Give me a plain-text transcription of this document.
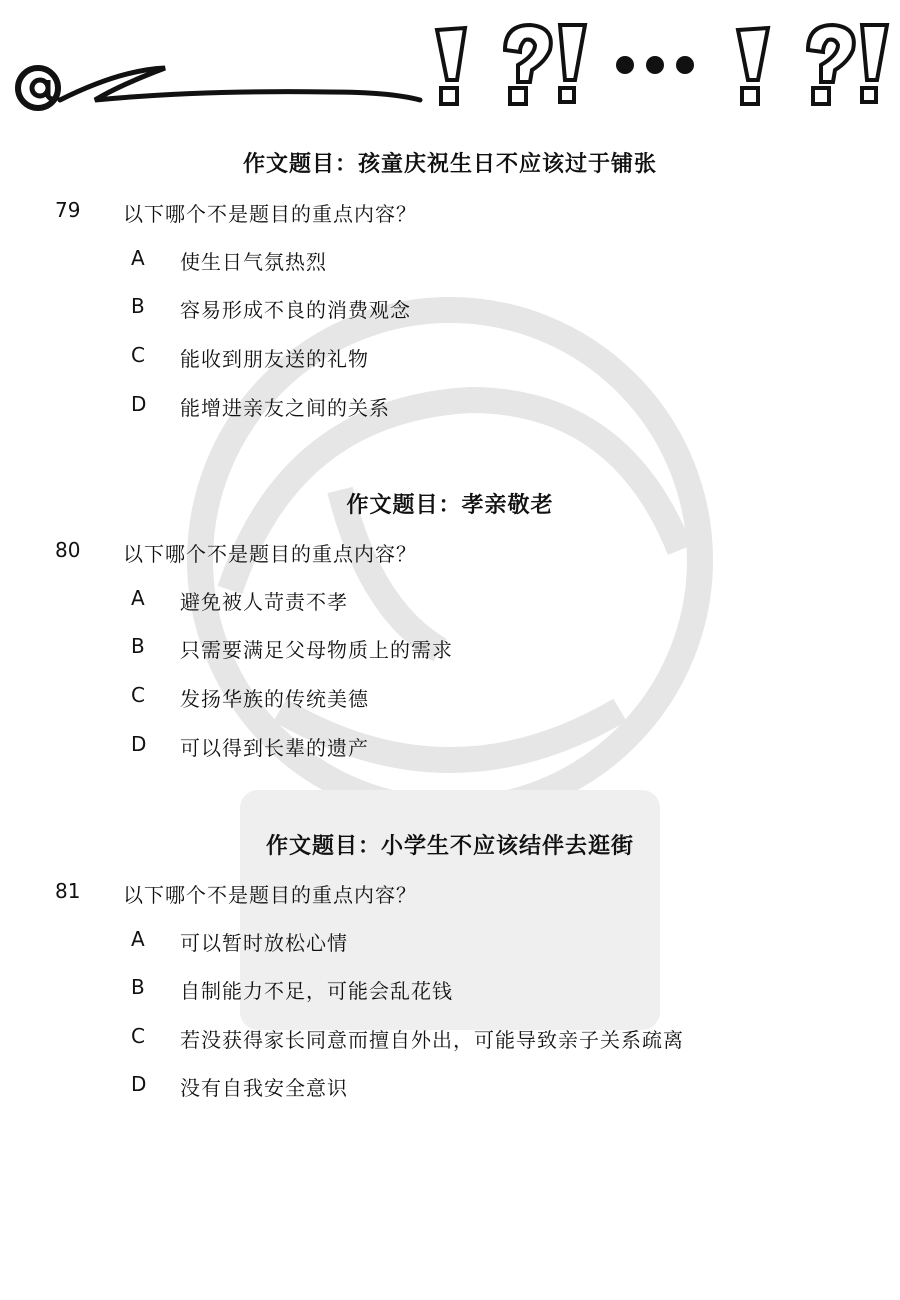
作文题目：孩童庆祝生日不应该过于铺张
79 以下哪个不是题目的重点内容？
A 使生日气氛热烈
B 容易形成不良的消费观念
C 能收到朋友送的礼物
D 能增进亲友之间的关系
作文题目：孝亲敬老
80 以下哪个不是题目的重点内容？
A 避免被人苛责不孝
B 只需要满足父母物质上的需求
C 发扬华族的传统美德
D 可以得到长辈的遗产
作文题目：小学生不应该结伴去逛街
81 以下哪个不是题目的重点内容？
A 可以暂时放松心情
B 自制能力不足，可能会乱花钱
C 若没获得家长同意而擅自外出，可能导致亲子关系疏离
D 没有自我安全意识
